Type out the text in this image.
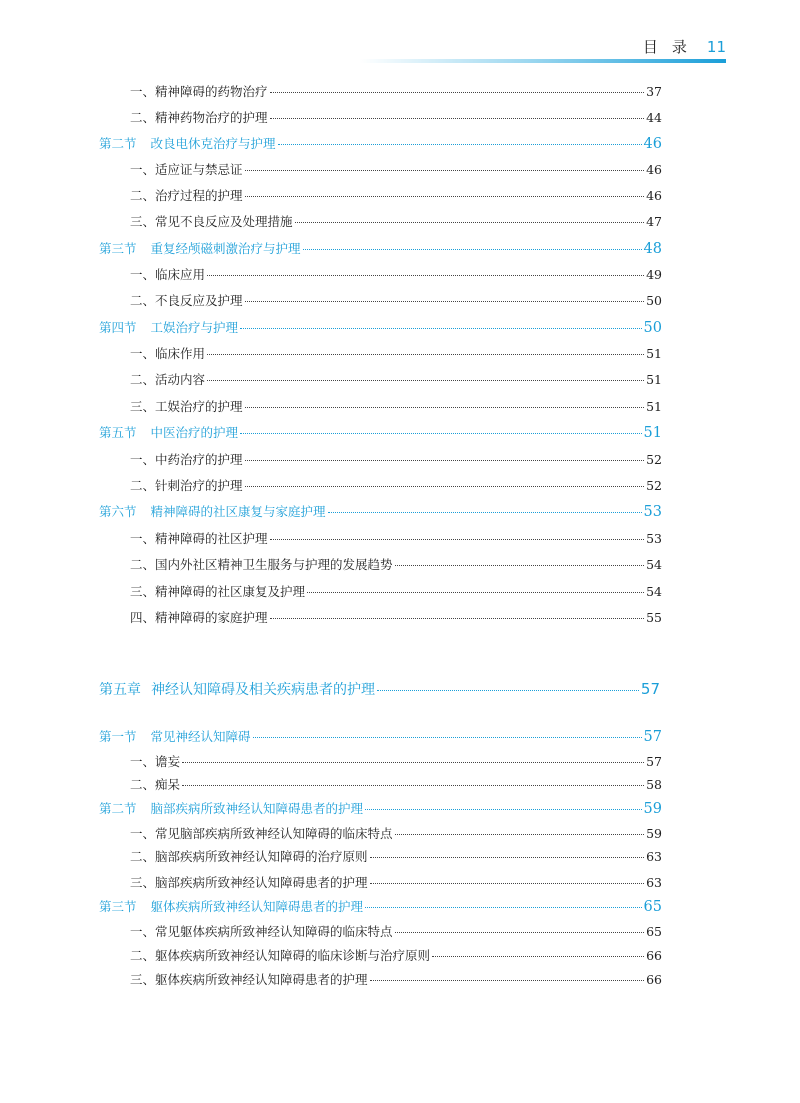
目录 11
一、精神障碍的药物治疗	37
二、精神药物治疗的护理	44
第二节 改良电休克治疗与护理	46
一、适应证与禁忌证	46
二、治疗过程的护理	46
三、常见不良反应及处理措施	47
第三节 重复经颅磁刺激治疗与护理	48
一、临床应用	49
二、不良反应及护理	50
第四节 工娱治疗与护理	50
一、临床作用	51
二、活动内容	51
三、工娱治疗的护理	51
第五节 中医治疗的护理	51
一、中药治疗的护理	52
二、针刺治疗的护理	52
第六节 精神障碍的社区康复与家庭护理	53
一、精神障碍的社区护理	53
二、国内外社区精神卫生服务与护理的发展趋势	54
三、精神障碍的社区康复及护理	54
四、精神障碍的家庭护理	55
第五章 神经认知障碍及相关疾病患者的护理	57
第一节 常见神经认知障碍	57
一、谵妄	57
二、痴呆	58
第二节 脑部疾病所致神经认知障碍患者的护理	59
一、常见脑部疾病所致神经认知障碍的临床特点	59
二、脑部疾病所致神经认知障碍的治疗原则	63
三、脑部疾病所致神经认知障碍患者的护理	63
第三节 躯体疾病所致神经认知障碍患者的护理	65
一、常见躯体疾病所致神经认知障碍的临床特点	65
二、躯体疾病所致神经认知障碍的临床诊断与治疗原则	66
三、躯体疾病所致神经认知障碍患者的护理	66
